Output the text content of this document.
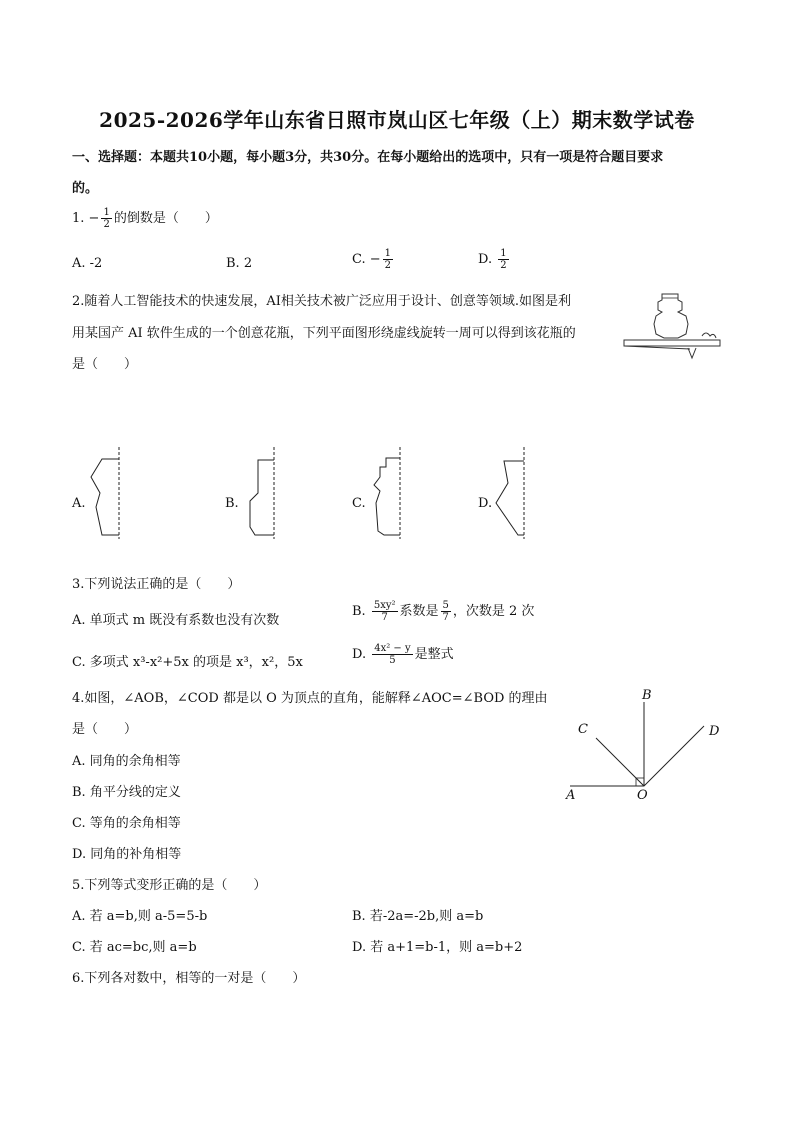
2025-2026学年山东省日照市岚山区七年级（上）期末数学试卷
一、选择题：本题共10小题，每小题3分，共30分。在每小题给出的选项中，只有一项是符合题目要求
的。
1. − $\frac{1}{2}$ 的倒数是（　　）
A. -2	B. 2	C. − $\frac{1}{2}$	D. $\frac{1}{2}$
2.随着人工智能技术的快速发展，AI相关技术被广泛应用于设计、创意等领域.如图是利
用某国产 AI 软件生成的一个创意花瓶，下列平面图形绕虚线旋转一周可以得到该花瓶的
是（　　）
A.	B.	C.	D.
3.下列说法正确的是（　　）
A. 单项式 m 既没有系数也没有次数
B. $\frac{\text{5xy²}}{7}$ 系数是 $\frac{5}{7}$ ，次数是 2 次
C. 多项式 x³-x²+5x 的项是 x³，x²，5x
D. $\frac{\text{4x² − y}}{5}$ 是整式
4.如图，∠AOB，∠COD 都是以 O 为顶点的直角，能解释∠AOC=∠BOD 的理由
是（　　）
A. 同角的余角相等
B. 角平分线的定义
C. 等角的余角相等
D. 同角的补角相等
A
B
C	D
O
5.下列等式变形正确的是（　　）
A. 若 a=b,则 a-5=5-b	B. 若-2a=-2b,则 a=b
C. 若 ac=bc,则 a=b	D. 若 a+1=b-1，则 a=b+2
6.下列各对数中，相等的一对是（　　）
